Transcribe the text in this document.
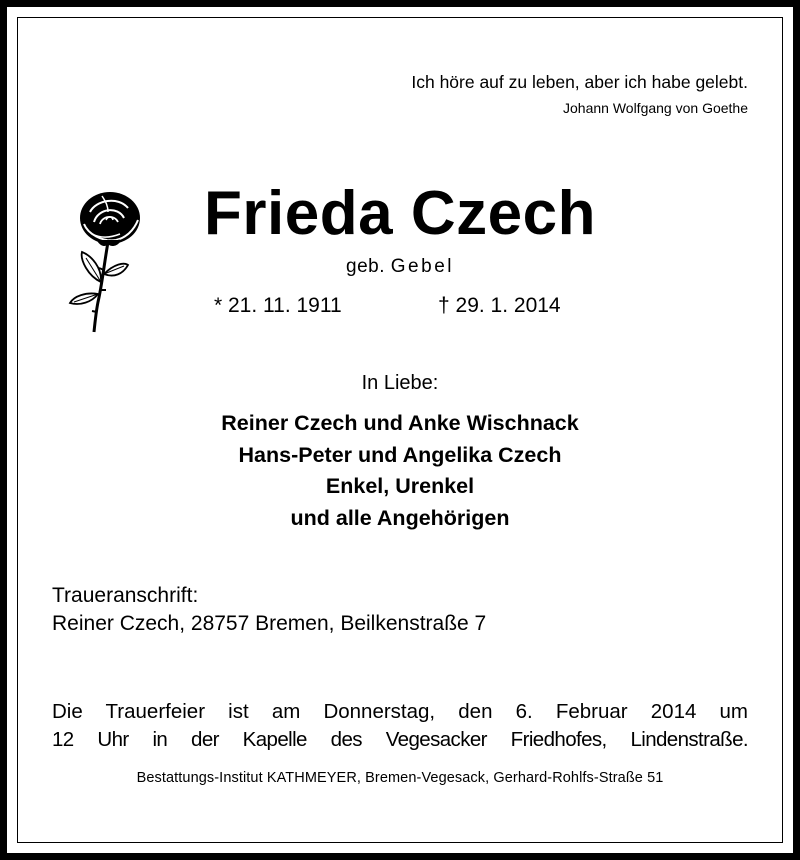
Ich höre auf zu leben, aber ich habe gelebt.
Johann Wolfgang von Goethe
Frieda Czech
geb. Gebel
* 21. 11. 1911	† 29. 1. 2014
In Liebe:
Reiner Czech und Anke Wischnack
Hans-Peter und Angelika Czech
Enkel, Urenkel
und alle Angehörigen
Traueranschrift:
Reiner Czech, 28757 Bremen, Beilkenstraße 7
Die Trauerfeier ist am Donnerstag, den 6. Februar 2014 um
12 Uhr in der Kapelle des Vegesacker Friedhofes, Lindenstraße.
Bestattungs-Institut KATHMEYER, Bremen-Vegesack, Gerhard-Rohlfs-Straße 51
